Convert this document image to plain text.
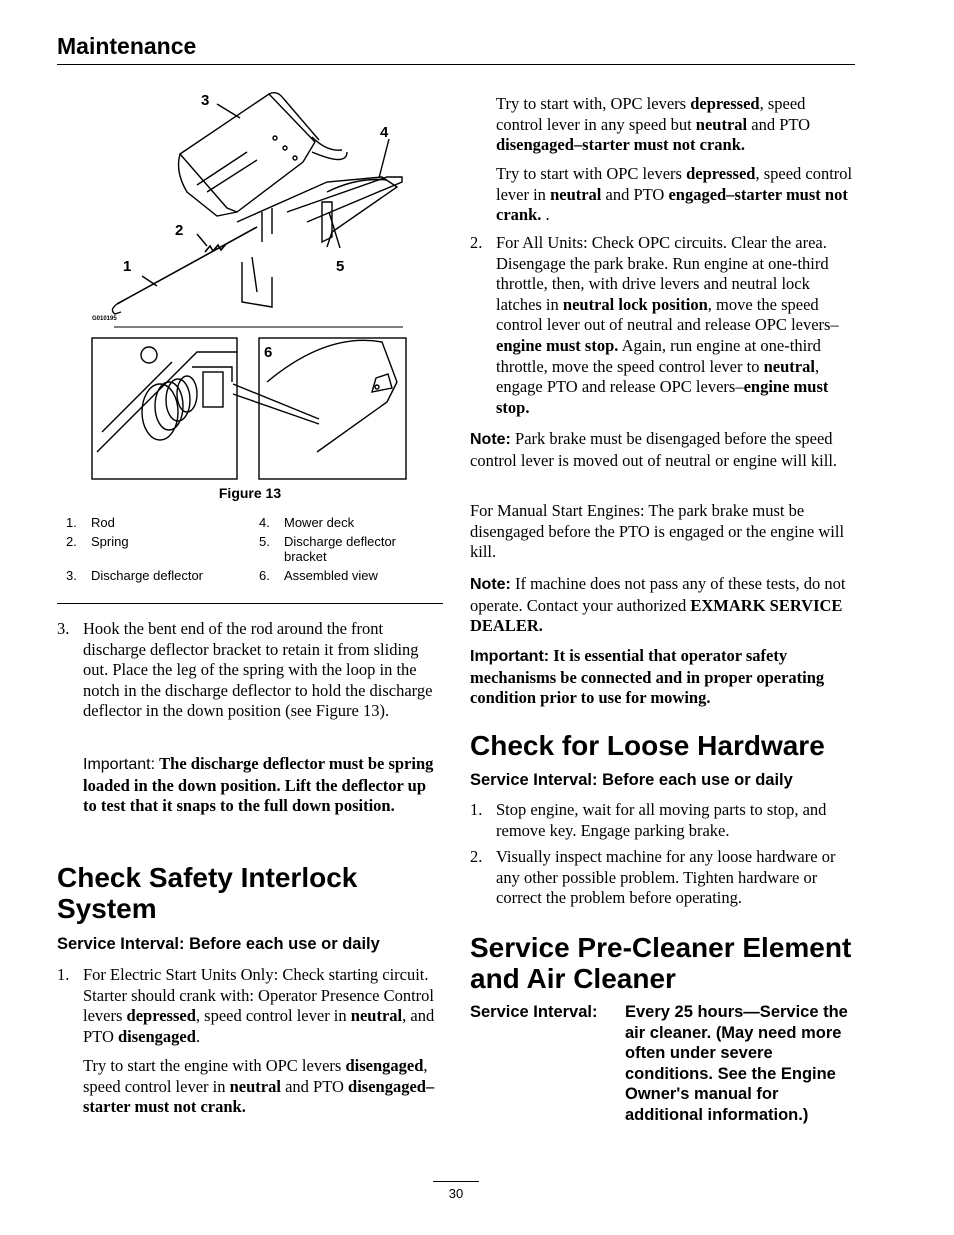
Maintenance
3
4
2
1	5
6
G010195
Figure 13
1. Rod
2. Spring
3. Discharge deflector
4. Mower deck
5. Discharge deflector bracket
6. Assembled view
3. Hook the bent end of the rod around the front discharge deflector bracket to retain it from sliding out. Place the leg of the spring with the loop in the notch in the discharge deflector to hold the discharge deflector in the down position (see Figure 13).

Important: The discharge deflector must be spring loaded in the down position. Lift the deflector up to test that it snaps to the full down position.

Check Safety Interlock System
Service Interval: Before each use or daily
1. For Electric Start Units Only: Check starting circuit. Starter should crank with: Operator Presence Control levers depressed, speed control lever in neutral, and PTO disengaged.

Try to start the engine with OPC levers disengaged, speed control lever in neutral and PTO disengaged–starter must not crank.

Try to start with, OPC levers depressed, speed control lever in any speed but neutral and PTO disengaged–starter must not crank.

Try to start with OPC levers depressed, speed control lever in neutral and PTO engaged–starter must not crank. .

2. For All Units: Check OPC circuits. Clear the area. Disengage the park brake. Run engine at one-third throttle, then, with drive levers and neutral lock latches in neutral lock position, move the speed control lever out of neutral and release OPC levers–engine must stop. Again, run engine at one-third throttle, move the speed control lever to neutral, engage PTO and release OPC levers–engine must stop.

Note: Park brake must be disengaged before the speed control lever is moved out of neutral or engine will kill.

For Manual Start Engines: The park brake must be disengaged before the PTO is engaged or the engine will kill.

Note: If machine does not pass any of these tests, do not operate. Contact your authorized EXMARK SERVICE DEALER.

Important: It is essential that operator safety mechanisms be connected and in proper operating condition prior to use for mowing.

Check for Loose Hardware
Service Interval: Before each use or daily
1. Stop engine, wait for all moving parts to stop, and remove key. Engage parking brake.

2. Visually inspect machine for any loose hardware or any other possible problem. Tighten hardware or correct the problem before operating.

Service Pre-Cleaner Element and Air Cleaner
Service Interval: Every 25 hours—Service the air cleaner. (May need more often under severe conditions. See the Engine Owner's manual for additional information.)
30
